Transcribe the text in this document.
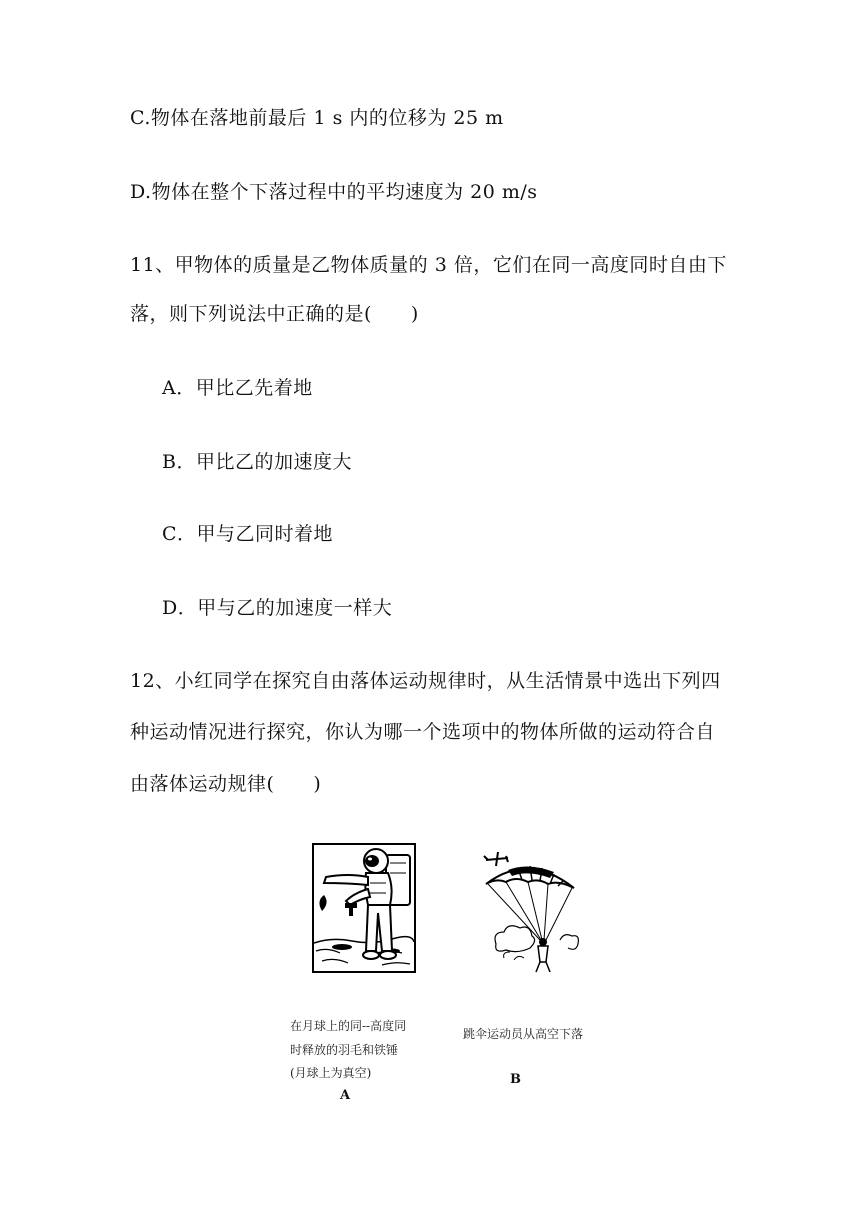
C.物体在落地前最后 1 s 内的位移为 25 m
D.物体在整个下落过程中的平均速度为 20 m/s
11、甲物体的质量是乙物体质量的 3 倍，它们在同一高度同时自由下
落，则下列说法中正确的是(　　)
A．甲比乙先着地
B．甲比乙的加速度大
C．甲与乙同时着地
D．甲与乙的加速度一样大
12、小红同学在探究自由落体运动规律时，从生活情景中选出下列四
种运动情况进行探究，你认为哪一个选项中的物体所做的运动符合自
由落体运动规律(　　)
在月球上的同--高度同
时释放的羽毛和铁锤
(月球上为真空)
A
跳伞运动员从高空下落
B
